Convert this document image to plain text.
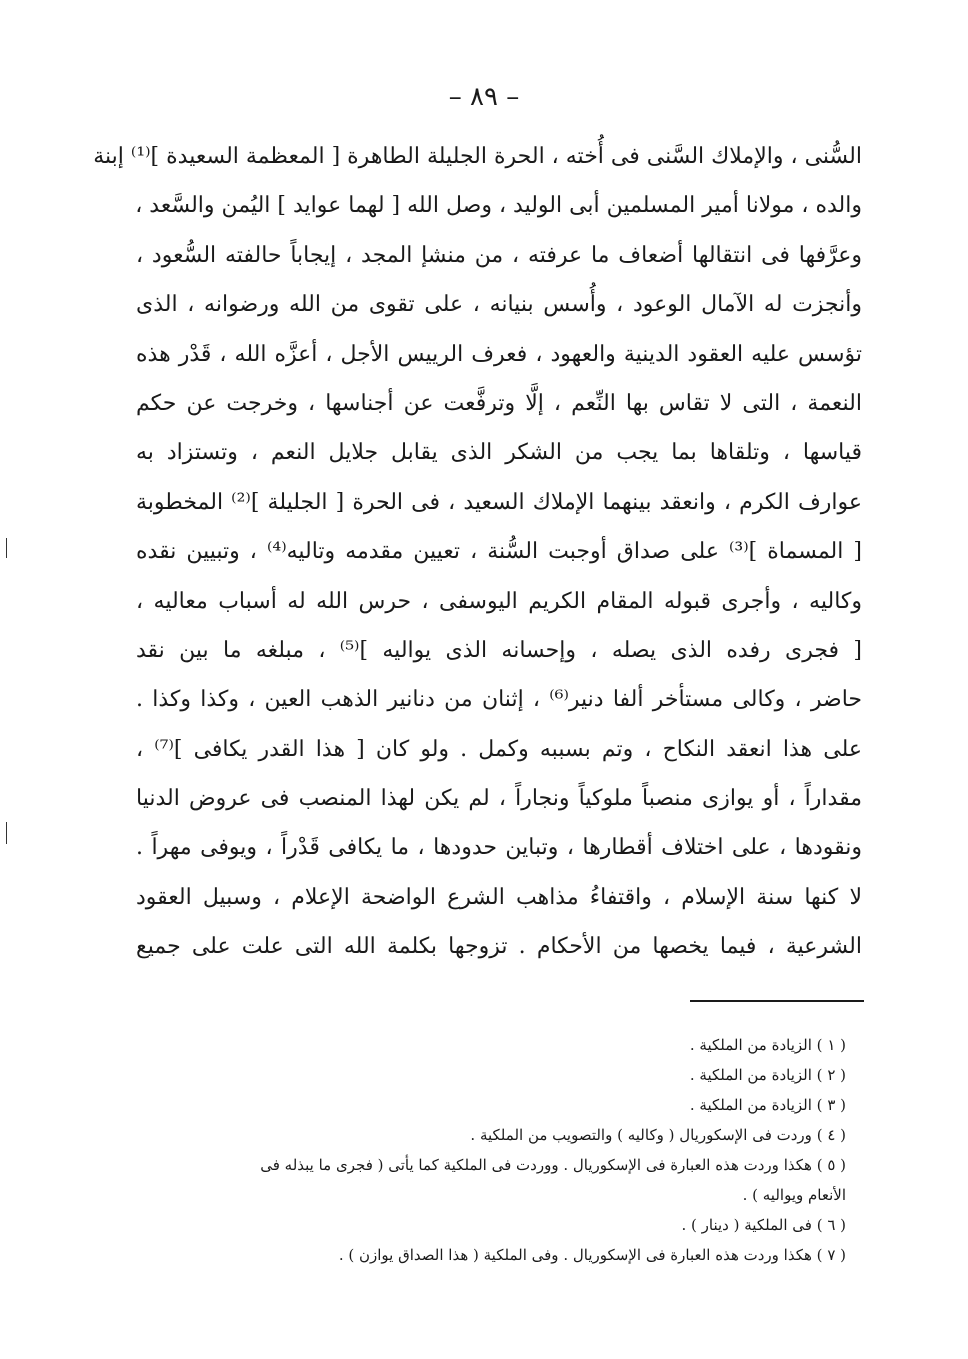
– ٨٩ –
السُّنى ، والإملاك السَّنى فى أُخته ، الحرة الجليلة الطاهرة [ المعظمة السعيدة ]⁽¹⁾ إبنة
والده ، مولانا أمير المسلمين أبى الوليد ، وصل الله [ لهما عوايد ] اليُمن والسَّعد ،
وعرَّفها فى انتقالها أضعاف ما عرفته ، من منشإ المجد ، إيجاباً حالفته السُّعود ،
وأنجزت له الآمال الوعود ، وأُسس بنيانه ، على تقوى من الله ورضوانه ، الذى
تؤسس عليه العقود الدينية والعهود ، فعرف الرييس الأجل ، أعزَّه الله ، قَدْر هذه
النعمة ، التى لا تقاس بها النِّعم ، إلَّا وترفَّعت عن أجناسها ، وخرجت عن حكم
قياسها ، وتلقاها بما يجب من الشكر الذى يقابل جلايل النعم ، وتستزاد به
عوارف الكرم ، وانعقد بينهما الإملاك السعيد ، فى الحرة [ الجليلة ]⁽²⁾ المخطوبة
[ المسماة ]⁽³⁾ على صداق أوجبت السُّنة ، تعيين مقدمه وتاليه⁽⁴⁾ ، وتبيين نقده
وكاليه ، وأجرى قبوله المقام الكريم اليوسفى ، حرس الله له أسباب معاليه ،
[ فجرى رفده الذى يصله ، وإحسانه الذى يواليه ]⁽⁵⁾ ، مبلغه ما بين نقد
حاضر ، وكالى مستأخر ألفا دنير⁽⁶⁾ ، إثنان من دنانير الذهب العين ، وكذا وكذا .
على هذا انعقد النكاح ، وتم بسببه وكمل . ولو كان [ هذا القدر يكافى ]⁽⁷⁾ ،
مقداراً ، أو يوازى منصباً ملوكياً ونجاراً ، لم يكن لهذا المنصب فى عروض الدنيا
ونقودها ، على اختلاف أقطارها ، وتباين حدودها ، ما يكافى قَدْراً ، ويوفى مهراً .
لا كنها سنة الإسلام ، واقتفاءُ مذاهب الشرع الواضحة الإعلام ، وسبيل العقود
الشرعية ، فيما يخصها من الأحكام . تزوجها بكلمة الله التى علت على جميع
( ١ ) الزيادة من الملكية .
( ٢ ) الزيادة من الملكية .
( ٣ ) الزيادة من الملكية .
( ٤ ) وردت فى الإسكوريال ( وكاليه ) والتصويب من الملكية .
( ٥ ) هكذا وردت هذه العبارة فى الإسكوريال . ووردت فى الملكية كما يأتى ( فجرى ما يبذله فى
الأنعام ويواليه ) .
( ٦ ) فى الملكية ( دينار ) .
( ٧ ) هكذا وردت هذه العبارة فى الإسكوريال . وفى الملكية ( هذا الصداق يوازن ) .
